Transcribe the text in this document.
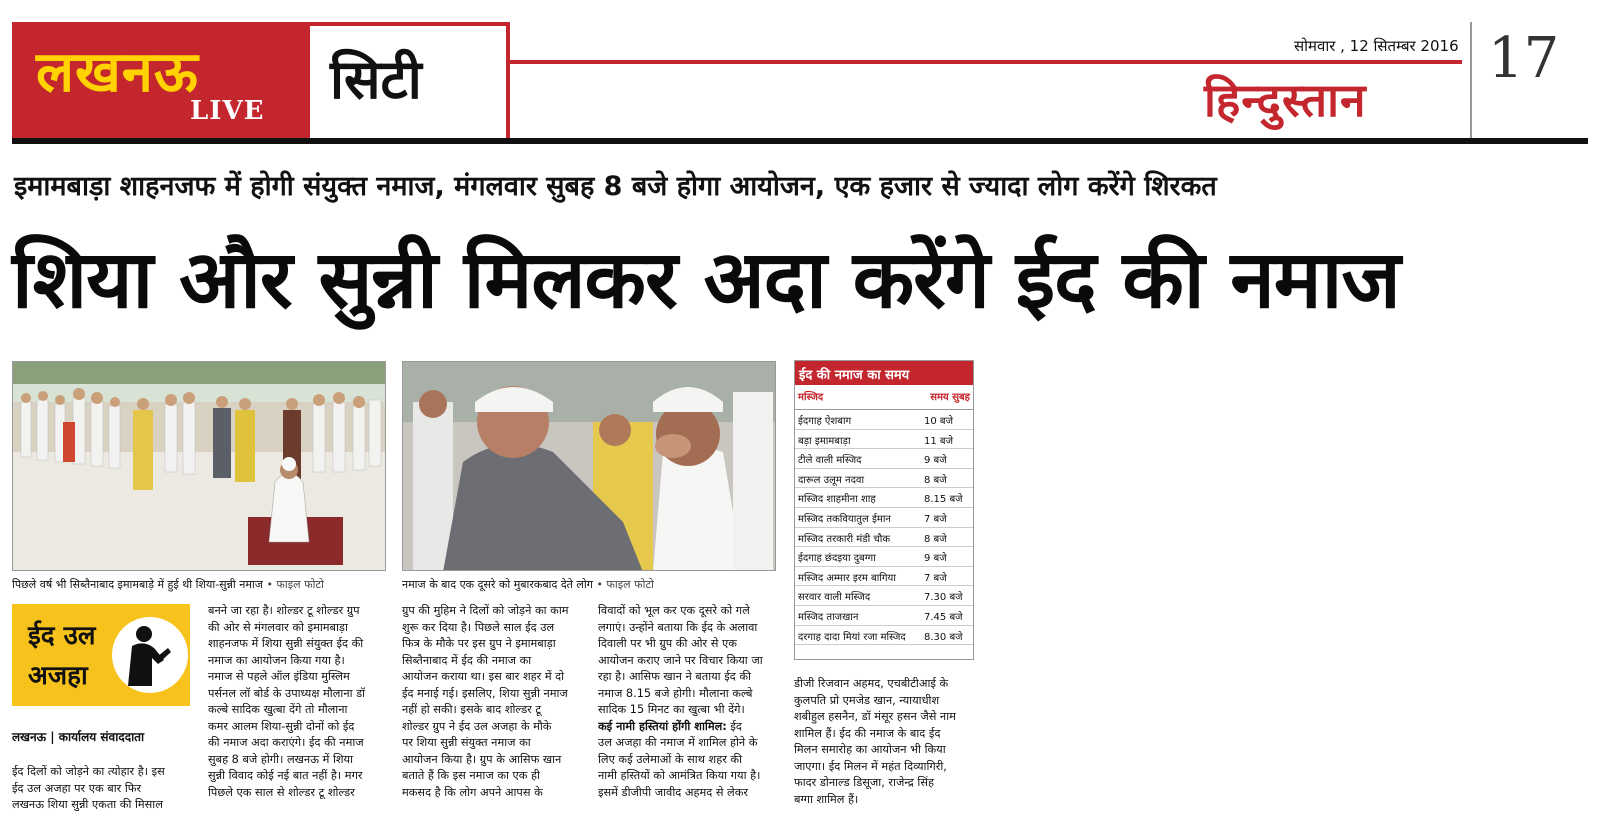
लखनऊ
LIVE सिटी
सोमवार , 12 सितम्बर 2016
हिन्दुस्तान
17
इमामबाड़ा शाहनजफ में होगी संयुक्त नमाज, मंगलवार सुबह 8 बजे होगा आयोजन, एक हजार से ज्यादा लोग करेंगे शिरकत
शिया और सुन्नी मिलकर अदा करेंगे ईद की नमाज
पिछले वर्ष भी सिब्तैनाबाद इमामबाड़े में हुई थी शिया-सुन्नी नमाज • फाइल फोटो	नमाज के बाद एक दूसरे को मुबारकबाद देते लोग • फाइल फोटो
ईद की नमाज का समय
मस्जिद	समय सुबह
ईदगाह ऐशबाग	10 बजे
बड़ा इमामबाड़ा	11 बजे
टीले वाली मस्जिद	9 बजे
दारूल उलूम नदवा	8 बजे
मस्जिद शाहमीना शाह	8.15 बजे
मस्जिद तकवियातुल ईमान	7 बजे
मस्जिद तरकारी मंडी चौक	8 बजे
ईदगाह छंदइया दुबग्गा	9 बजे
मस्जिद अम्मार इरम बागिया	7 बजे
सरवार वाली मस्जिद	7.30 बजे
मस्जिद ताजखान	7.45 बजे
दरगाह दादा मियां रजा मस्जिद 8.30 बजे
ईद उल
अजहा
लखनऊ | कार्यालय संवाददाता
ईद दिलों को जोड़ने का त्योहार है। इस
ईद उल अजहा पर एक बार फिर
लखनऊ शिया सुन्नी एकता की मिसाल
बनने जा रहा है। शोल्डर टू शोल्डर ग्रुप
की ओर से मंगलवार को इमामबाड़ा
शाहनजफ में शिया सुन्नी संयुक्त ईद की
नमाज का आयोजन किया गया है।
नमाज से पहले ऑल इंडिया मुस्लिम
पर्सनल लॉ बोर्ड के उपाध्यक्ष मौलाना डॉ
कल्बे सादिक खुत्बा देंगे तो मौलाना
कमर आलम शिया-सुन्नी दोनों को ईद
की नमाज अदा कराएंगे। ईद की नमाज
सुबह 8 बजे होगी। लखनऊ में शिया
सुन्नी विवाद कोई नई बात नहीं है। मगर
पिछले एक साल से शोल्डर टू शोल्डर
ग्रुप की मुहिम ने दिलों को जोड़ने का काम
शुरू कर दिया है। पिछले साल ईद उल
फित्र के मौके पर इस ग्रुप ने इमामबाड़ा
सिब्तैनाबाद में ईद की नमाज का
आयोजन कराया था। इस बार शहर में दो
ईद मनाई गई। इसलिए, शिया सुन्नी नमाज
नहीं हो सकी। इसके बाद शोल्डर टू
शोल्डर ग्रुप ने ईद उल अजहा के मौके
पर शिया सुन्नी संयुक्त नमाज का
आयोजन किया है। ग्रुप के आसिफ खान
बताते हैं कि इस नमाज का एक ही
मकसद है कि लोग अपने आपस के
विवादों को भूल कर एक दूसरे को गले
लगाएं। उन्होंने बताया कि ईद के अलावा
दिवाली पर भी ग्रुप की ओर से एक
आयोजन कराए जाने पर विचार किया जा
रहा है। आसिफ खान ने बताया ईद की
नमाज 8.15 बजे होगी। मौलाना कल्बे
सादिक 15 मिनट का खुत्बा भी देंगे।
कई नामी हस्तियां होंगी शामिल: ईद
उल अजहा की नमाज में शामिल होने के
लिए कई उलेमाओं के साथ शहर की
नामी हस्तियों को आमंत्रित किया गया है।
इसमें डीजीपी जावीद अहमद से लेकर
डीजी रिजवान अहमद, एचबीटीआई के
कुलपति प्रो एमजेड खान, न्यायाधीश
शबीहुल हसनैन, डॉ मंसूर हसन जैसे नाम
शामिल हैं। ईद की नमाज के बाद ईद
मिलन समारोह का आयोजन भी किया
जाएगा। ईद मिलन में महंत दिव्यागिरी,
फादर डोनाल्ड डिसूजा, राजेन्द्र सिंह
बग्गा शामिल हैं।
